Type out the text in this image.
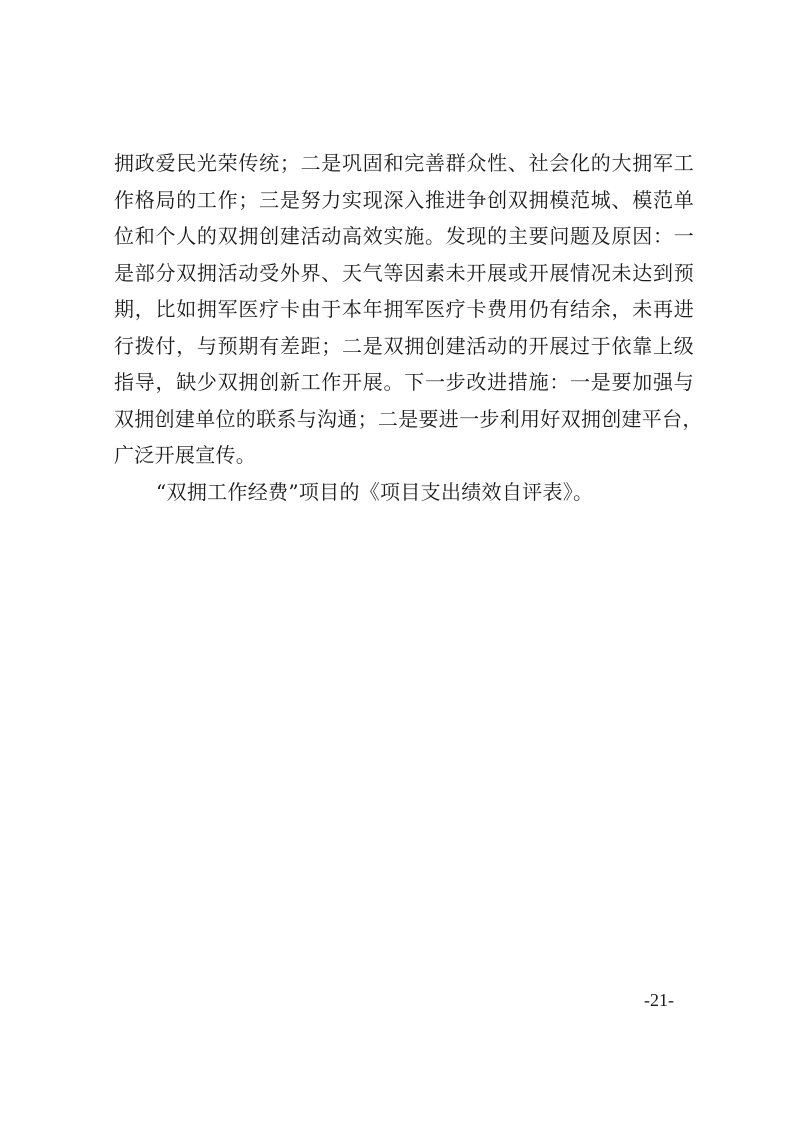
拥政爱民光荣传统；二是巩固和完善群众性、社会化的大拥军工
作格局的工作；三是努力实现深入推进争创双拥模范城、模范单
位和个人的双拥创建活动高效实施。发现的主要问题及原因：一
是部分双拥活动受外界、天气等因素未开展或开展情况未达到预
期，比如拥军医疗卡由于本年拥军医疗卡费用仍有结余，未再进
行拨付，与预期有差距；二是双拥创建活动的开展过于依靠上级
指导，缺少双拥创新工作开展。下一步改进措施：一是要加强与
双拥创建单位的联系与沟通；二是要进一步利用好双拥创建平台，
广泛开展宣传。
“双拥工作经费”项目的《项目支出绩效自评表》。
-21-
